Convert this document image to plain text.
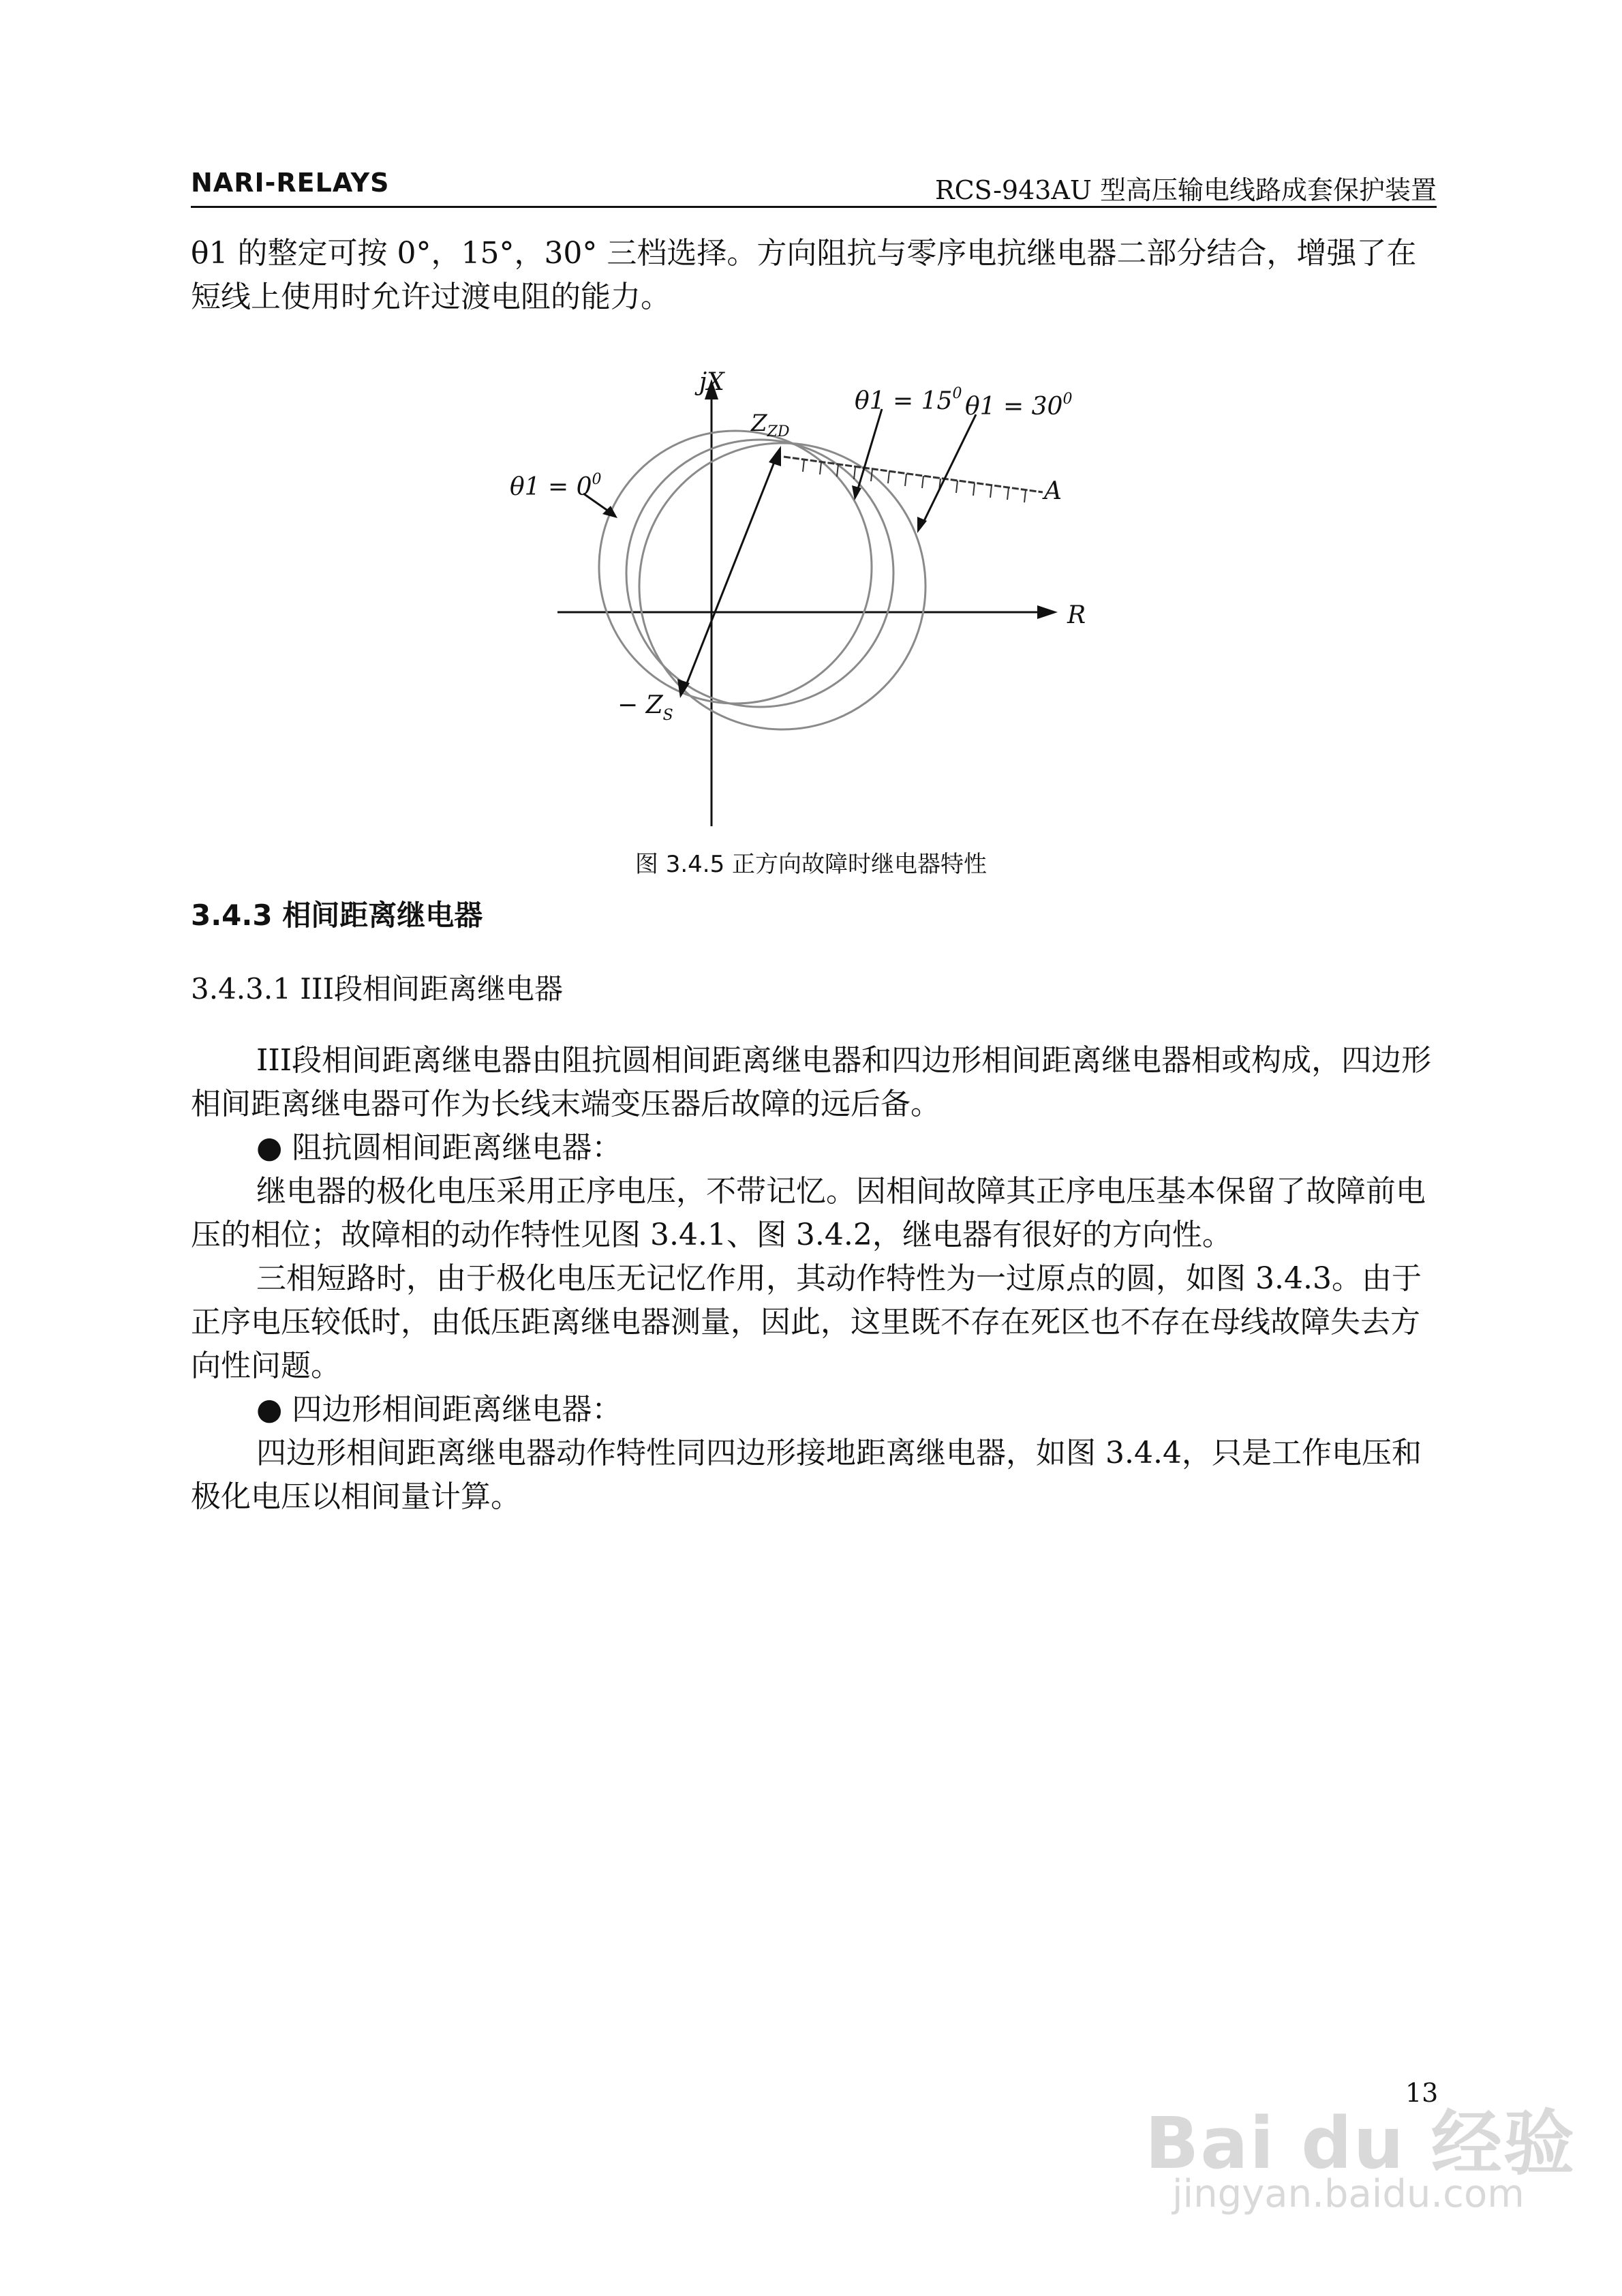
NARI-RELAYS	RCS-943AU 型高压输电线路成套保护装置
θ1 的整定可按 0°，15°，30° 三档选择。方向阻抗与零序电抗继电器二部分结合，增强了在短线上使用时允许过渡电阻的能力。
jX
R
$Z_{ZD}$
− $Z_S$
$\theta 1 = 0^0$
$\theta 1 = 15^0$ $\theta 1 = 30^0$
A
图 3.4.5 正方向故障时继电器特性
3.4.3 相间距离继电器
3.4.3.1 III段相间距离继电器
III段相间距离继电器由阻抗圆相间距离继电器和四边形相间距离继电器相或构成，四边形相间距离继电器可作为长线末端变压器后故障的远后备。
● 阻抗圆相间距离继电器：
继电器的极化电压采用正序电压，不带记忆。因相间故障其正序电压基本保留了故障前电压的相位；故障相的动作特性见图 3.4.1、图 3.4.2，继电器有很好的方向性。
三相短路时，由于极化电压无记忆作用，其动作特性为一过原点的圆，如图 3.4.3。由于正序电压较低时，由低压距离继电器测量，因此，这里既不存在死区也不存在母线故障失去方向性问题。
● 四边形相间距离继电器：
四边形相间距离继电器动作特性同四边形接地距离继电器，如图 3.4.4，只是工作电压和极化电压以相间量计算。
13
Bai du 经验
jingyan.baidu.com
